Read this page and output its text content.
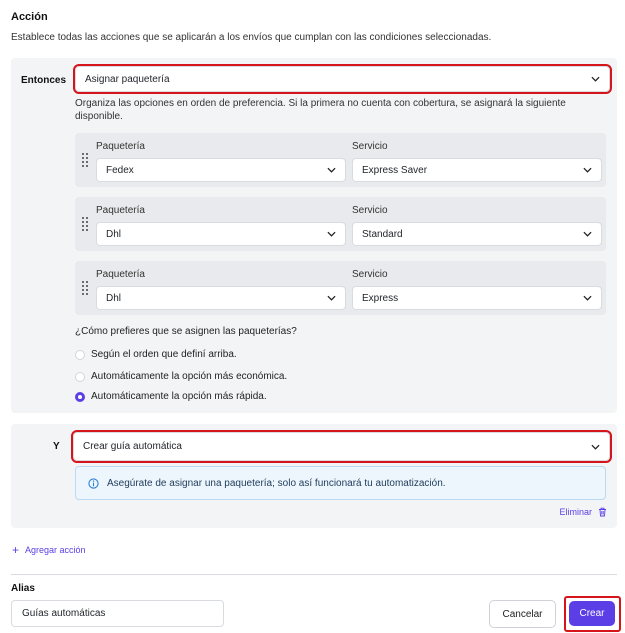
Acción
Establece todas las acciones que se aplicarán a los envíos que cumplan con las condiciones seleccionadas.
Entonces Asignar paquetería
Organiza las opciones en orden de preferencia. Si la primera no cuenta con cobertura, se asignará la siguiente disponible.
Paquetería	Servicio
Fedex	Express Saver
Paquetería	Servicio
Dhl	Standard
Paquetería	Servicio
Dhl	Express
¿Cómo prefieres que se asignen las paqueterías?
Según el orden que definí arriba.
Automáticamente la opción más económica.
Automáticamente la opción más rápida.
Y Crear guía automática
Asegúrate de asignar una paquetería; solo así funcionará tu automatización.
Eliminar
+ Agregar acción
Alias
Guías automáticas	Cancelar	Crear
